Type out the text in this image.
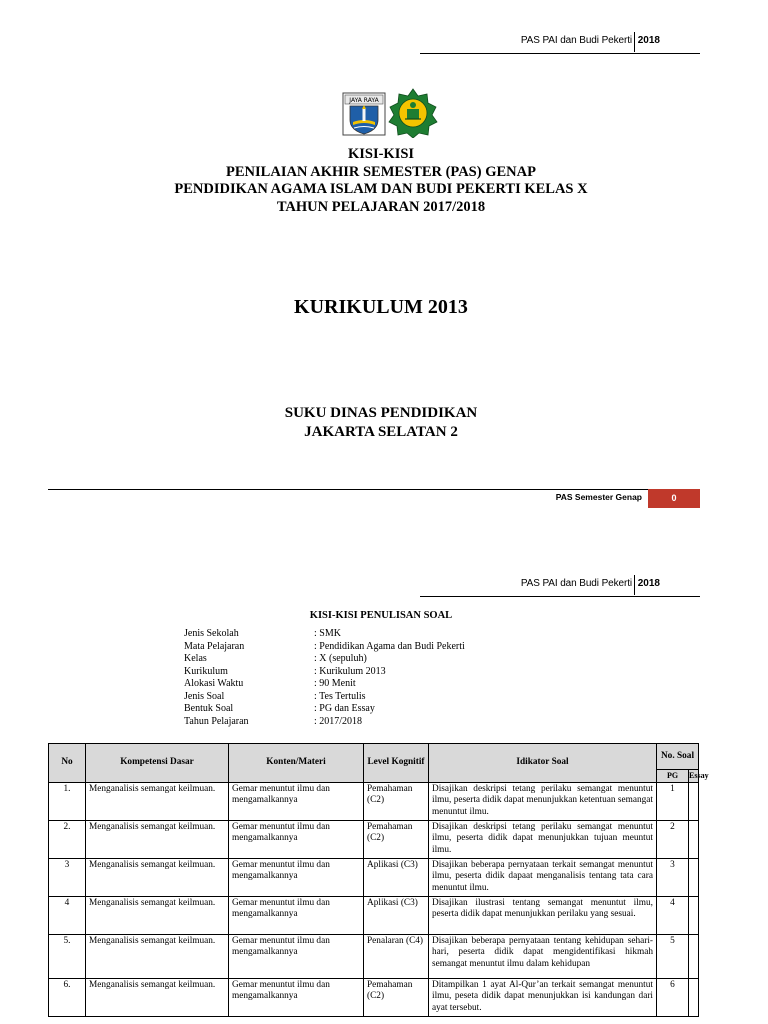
PAS PAI dan Budi Pekerti 2018
JAYA RAYA
KISI-KISI
PENILAIAN AKHIR SEMESTER (PAS) GENAP
PENDIDIKAN AGAMA ISLAM DAN BUDI PEKERTI KELAS X
TAHUN PELAJARAN 2017/2018
KURIKULUM 2013
SUKU DINAS PENDIDIKAN
JAKARTA SELATAN 2
PAS Semester Genap	0
PAS PAI dan Budi Pekerti 2018
KISI-KISI PENULISAN SOAL
Jenis Sekolah	: SMK
Mata Pelajaran	: Pendidikan Agama dan Budi Pekerti
Kelas	: X (sepuluh)
Kurikulum	: Kurikulum 2013
Alokasi Waktu	: 90 Menit
Jenis Soal	: Tes Tertulis
Bentuk Soal	: PG dan Essay
Tahun Pelajaran	: 2017/2018
No	Kompetensi Dasar	Konten/Materi	Level Kognitif	Idikator Soal	No. Soal	
					PG	Essay
1.	Menganalisis semangat keilmuan.	Gemar menuntut ilmu dan mengamalkannya	Pemahaman (C2)	Disajikan deskripsi tetang perilaku semangat menuntut ilmu, peserta didik dapat menunjukkan ketentuan semangat menuntut ilmu.	1	
2.	Menganalisis semangat keilmuan.	Gemar menuntut ilmu dan mengamalkannya	Pemahaman (C2)	Disajikan deskripsi tetang perilaku semangat menuntut ilmu, peserta didik dapat menunjukkan tujuan meuntut ilmu.	2	
3	Menganalisis semangat keilmuan.	Gemar menuntut ilmu dan mengamalkannya	Aplikasi (C3)	Disajikan beberapa pernyataan terkait semangat menuntut ilmu, peserta didik dapaat menganalisis tentang tata cara menuntut ilmu.	3	
4	Menganalisis semangat keilmuan.	Gemar menuntut ilmu dan mengamalkannya	Aplikasi (C3)	Disajikan ilustrasi tentang semangat menuntut ilmu, peserta didik dapat menunjukkan perilaku yang sesuai.	4	
5.	Menganalisis semangat keilmuan.	Gemar menuntut ilmu dan mengamalkannya	Penalaran (C4)	Disajikan beberapa pernyataan tentang kehidupan sehari-hari, peserta didik dapat mengidentifikasi hikmah semangat menuntut ilmu dalam kehidupan	5	
6.	Menganalisis semangat keilmuan.	Gemar menuntut ilmu dan mengamalkannya	Pemahaman (C2)	Ditampilkan 1 ayat Al-Qur’an terkait semangat menuntut ilmu, peseta didik dapat menunjukkan isi kandungan dari ayat tersebut.	6	
